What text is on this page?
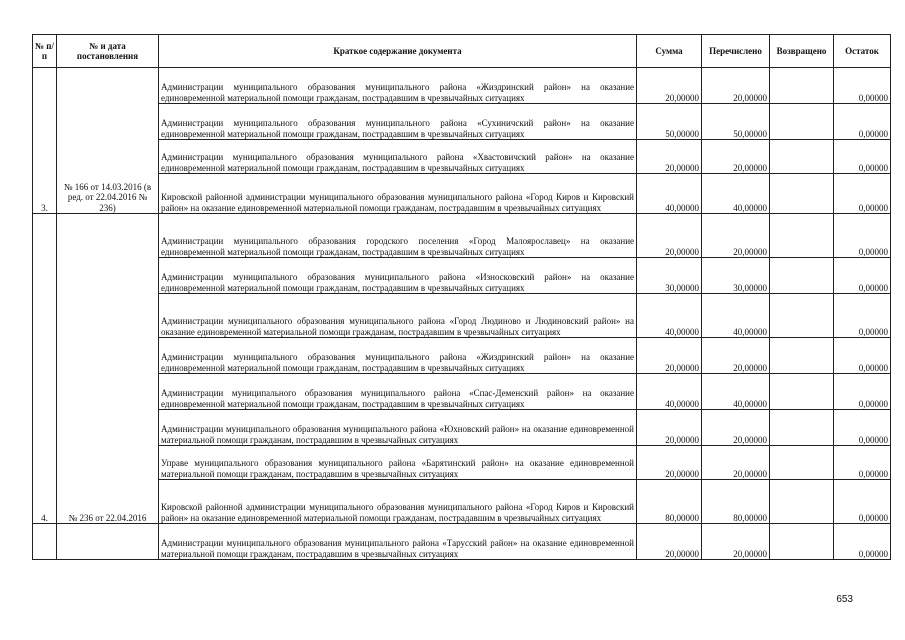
№ п/п	№ и дата постановления	Краткое содержание документа	Сумма	Перечислено	Возвращено	Остаток
3.	№ 166 от 14.03.2016 (в ред. от 22.04.2016 № 236)	Администрации муниципального образования муниципального района «Жиздринский район» на оказание единовременной материальной помощи гражданам, пострадавшим в чрезвычайных ситуациях	20,00000	20,00000		0,00000
		Администрации муниципального образования муниципального района «Сухиничский район» на оказание единовременной материальной помощи гражданам, пострадавшим в чрезвычайных ситуациях	50,00000	50,00000		0,00000
		Администрации муниципального образования муниципального района «Хвастовичский район» на оказание единовременной материальной помощи гражданам, пострадавшим в чрезвычайных ситуациях	20,00000	20,00000		0,00000
		Кировской районной администрации муниципального образования муниципального района «Город Киров и Кировский район» на оказание единовременной материальной помощи гражданам, пострадавшим в чрезвычайных ситуациях	40,00000	40,00000		0,00000
4.	№ 236 от 22.04.2016	Администрации муниципального образования городского поселения «Город Малоярославец» на оказание единовременной материальной помощи гражданам, пострадавшим в чрезвычайных ситуациях	20,00000	20,00000		0,00000
		Администрации муниципального образования муниципального района «Износковский район» на оказание единовременной материальной помощи гражданам, пострадавшим в чрезвычайных ситуациях	30,00000	30,00000		0,00000
		Администрации муниципального образования муниципального района «Город Людиново и Людиновский район» на оказание единовременной материальной помощи гражданам, пострадавшим в чрезвычайных ситуациях	40,00000	40,00000		0,00000
		Администрации муниципального образования муниципального района «Жиздринский район» на оказание единовременной материальной помощи гражданам, пострадавшим в чрезвычайных ситуациях	20,00000	20,00000		0,00000
		Администрации муниципального образования муниципального района «Спас-Деменский район» на оказание единовременной материальной помощи гражданам, пострадавшим в чрезвычайных ситуациях	40,00000	40,00000		0,00000
		Администрации муниципального образования муниципального района «Юхновский район» на оказание единовременной материальной помощи гражданам, пострадавшим в чрезвычайных ситуациях	20,00000	20,00000		0,00000
		Управе муниципального образования муниципального района «Барятинский район» на оказание единовременной материальной помощи гражданам, пострадавшим в чрезвычайных ситуациях	20,00000	20,00000		0,00000
		Кировской районной администрации муниципального образования муниципального района «Город Киров и Кировский район» на оказание единовременной материальной помощи гражданам, пострадавшим в чрезвычайных ситуациях	80,00000	80,00000		0,00000
		Администрации муниципального образования муниципального района «Тарусский район» на оказание единовременной материальной помощи гражданам, пострадавшим в чрезвычайных ситуациях	20,00000	20,00000		0,00000
653
